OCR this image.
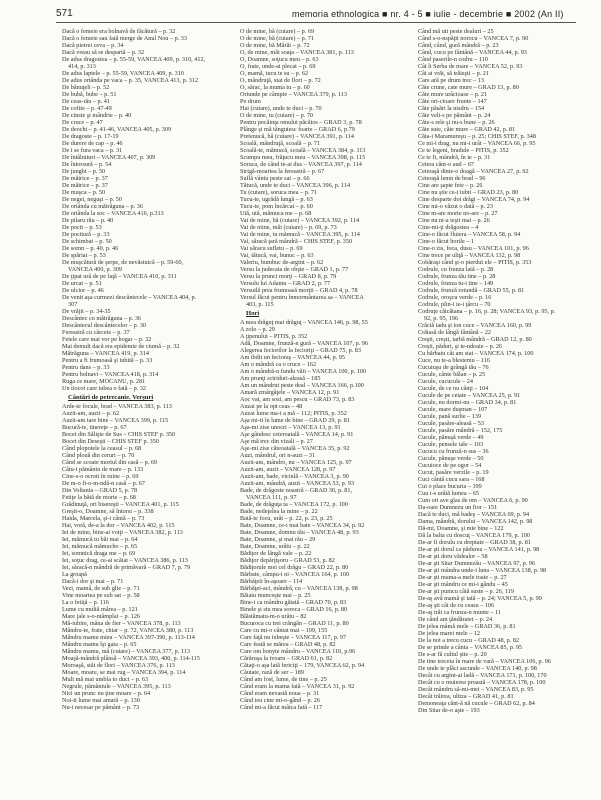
571	memoria ethnologica ■ nr. 4 - 5 ■ iulie - decembrie ■ 2002 (An II)
Dacă o femeie era bolnavă de făcătură – p. 32
Dacă o femeie sau fată merge de Anul Nou – p. 33
Dacă pietrei ceva – p. 34
Dacă vreau să se despartă – p. 32
De adus dragostea – p. 55-59, VANCEA 409, p. 310, 412,
414, p. 313
De adus laptele – p. 55-59, VANCEA 409, p. 310
De adus ortânda pe vaca – p. 35, VANCEA 413, p. 312
De bănuţeli – p. 52
De bubă, bube – p. 51
De ceas-rău – p. 41
De cofite – p. 47-49
De cinste şi mândrie – p. 40
De cruce – p. 47
De deochi – p. 41-46, VANCEA 405, p. 309
De dragoste – p. 17-19
De durere de cap – p. 46
De i se fura vaca – p. 31
De întâlnituri – VANCEA 407, p. 309
De întorsură – p. 54
De junghi – p. 50
De mătrice – p. 37
De mătrice – p. 37
De muşca – p. 50
De negei, neguşi – p. 50
De ortânda cu mătrăguna – p. 36
De ortânda la soc – VANCEA 416, p.313
De pilaru rău – p. 40
De pocit – p. 53
De pocitură – p. 33
De schimbat – p. 50
De somn – p. 40, p. 46
De spăriat – p. 53
De muşcătură de şerpe, de nevăstuică – p. 59-60,
VANCEA 400, p. 309
De ţipat urâ de pe faţă – VANCEA 410, p. 311
De urcat – p. 51
De ulcior – p. 46
De venit aşa curmezi descântecele – VANCEA 404, p.
307
De vrăjit – p. 34-35
Descântec cu mătrăguna – p. 36
Descântecul descântecelor – p. 30
Fereastră cu cârceie – p. 37
Fetele care mai vor pe hogar – p. 32
Mai demult dacă era epidemie de ciumă – p. 32
Mătrăguna – VANCEA 419, p. 314
Pentru a fi frumoasă şi iubită – p. 33
Pentru dans – p. 33
Pentru bolnavi – VANCEA 418, p. 314
Ruga ce mare, MOCANU, p. 281
Un tiocot care iubea o fată – p. 32
Cântări de petrecanie. Verşuri
Arde-te focule, brad – VANCEA 383, p. 113
Auzit-am, auzit – p. 62
Auzit-am tare bine – VANCEA 399, p. 115
Bucură-te, tinereţe – p. 67
Bocet din Sălişte de Sus – CHIS STEF p. 350
Bocet din Deseşti – CHIS STEF p. 350
Când plopotele la ceasul – p. 68
Când plouă din ceruri – p. 70
Când se scoate mortul din casă – p. 69
Câtu-i pământu de mare – p. 133
Cine-s-o ocroti în ruine – p. 69
De m-o fi-o-m-ndă-n casă – p. 67
Din Voltania – GRAD 5, p. 78
Fetiţe la bătă de morte – p. 68
Grădinuţă, ori bisereşti – VANCEA 401, p. 115
Greşit-o, Doamne, să întorsi – p. 338
Haida, Marcela, şi-i cântă – p. 73
Hai, voră, de-a la dor – VANCEA 402, p. 115
Iei de mine, bine-ai voiţi – VANCEA 382, p. 113
Iei, mămucă tu băi mai – p. 64
Iei, mămucă mămucho – p. 65
Iei, somnică draga me – p. 69
Iei, soţuc drag, ce-ai scăiat – VANCEA 386, p. 113
Iei, săracă-n mândră de primăvară – GRAD 7, p. 79
La groapă
Dacă-i dor şi mai – p. 71
Vezi, mamă, de sub glie – p. 71
Vine moartea pe sub sat – p. 58
La o fetiţă – p. 116
Lume cu multă mărea – p. 121
Mare jale s-o-ntâmplat – p. 126
Mă-iubire, mâna de fier – VANCEA 378, p. 113
Mândru-te, frate, chiar – p. 72, VANCEA 380, p. 113
Mândru mamu mieu – VANCEA 397-390, p. 113-114
Mândru mamu îşi gata – p. 65
Mândru mamu, mă (cutare) – VANCEA 377, p. 113
Moaşă-mândră plânsă – VANCEA 393, 400, p. 114-115
Moroaşă, stăt de flori – VANCEA 376, p. 113
Moare, moare, se mai rug – VANCEA 394, p. 114
Mult mă mai umbla to duci – p. 63
Negrule, pământule – VANCEA 395, p. 113
Nici un prunc nu ţine moare – p. 64
Noi-ti lume mai amară – p. 130
Nu-i necesar pe pământ – p. 73
O de mine, bă (cutare) – p. 69
O de mine, bă (cutare) – p. 71
O de mine, bă Mărăi – p. 72
O, de mine, măi soaţa – VANCEA 381, p. 113
O, Doamne, soţucu meu – p. 63
O, frate, unde-ai plecat – p. 69
O, mamă, tucu te su – p. 62
O, mândruţă, stat de flori – p. 72
O, sărac, la munta tu – p. 60
Oriunde pe câmpie – VANCEA 379, p. 113
Pe drum
Hai (cutare), unde te duci – p. 70
O de mine, tu (cutare) – p. 70
Pentru pocăinţa omului păcătos – GRAD 3, p. 78
Plânge şi mă tânguiesc foarte – GRAD 6, p.79
Pretenucă, bă (cutare) – VANCEA 391, p. 114
Scoală, mândruţă, scoală – p. 71
Scoală-te, mămucă, scoală – VANCEA 384, p. 113
Scumpu meu, frăţucu meu – VANCEA 398, p. 115
Soruca, de când te-ai dus – VANCEA 397, p. 114
Strigă-moartea la fereastră – p. 67
Suflă vântu peste sat – p. 66
Tătucă, unde te duci – VANCEA 396, p. 114
Tu (cutare), soruca mea – p. 71
Tucu-te, ugrădă lungă – p. 63
Tucu-te, pom încărcat – p. 60
Ută, ută, mămuca me – p. 68
Vai de mine, bă (cutare) – VANCEA 392, p. 114
Vai de mine, măi (cutare) – p. 69, p. 73
Vai de mine, tu mămucă – VANCEA 395, p. 114
Vai, săracă ţară mândră – CHIS STEF, p. 350
Vai săracu sufletu – p. 69
Vai, tătucă, vai, bunuc – p. 63
Valeriu, bumbuc de-argint – p. 62
Versu la judecata de obşte – GRAD 1, p. 77
Versu la prunci morţi – GRAD 8, p. 79
Versulu lui Adamu – GRAD 2, p. 77
Versuilă prea frumoasă morţii – GRAD 4, p. 78
Versul făcut pentru înmormântarea sa – VANCEA
403, p. 115
Hori
A mea drăguţ mai drăguţ – VANCEA 146, p. 98, 55
A zolo – p. 29
A ţipenului – PITIS, p. 352
Adă, Doamne, frunză-n gură – VANCEA 107, p. 96
Alegerea feciorilor la fecioriţi – GRAD 75, p. 83
Am ibdit un fecioraş – VANCEA 44, p. 95
Am o mândră ca o cruce – 162
Am o mândră-n fundu văii – VANCEA 100, p. 100
Am prunţi sciriduri-aleasă – 185
Am un mândrut peste deal – VANCEA 166, p.100
Amară zmârgăţele – VANCEA 12, p. 91
Aoc vai, am sosi, am pescu – GRAD 73, p. 83
Auzai pe la opt ceas – 48
Auzai lume ma-i a mă – 112; PITIS, p. 352
Aşa mi-ti în lume de bine – GRAD 29, p. 81
Aşa-mi zise unocri – VANCEA 13, p. 91
Aşe gândesc ceteroatală – VANCEA 14, p. 91
Aşe mă trec din vizali – p. 27
Aşe-mi zise căteoatală – VANCEA 35, p. 92
Auzi, mândrul, ori n-auzi – 31
Auzit-am, mândro, nu – VANCEA 125, p. 97
Auzit-am, auzit – VANCEA 128, p. 97
Auzit-am, bade, vicinlă – VANCEA 3, p. 90
Auzit-am, mândră, auzit – VANCEA 53, p. 93
Bade, de drăgoste noastră – GRAD 30, p. 81,
VANCEA 111, p. 97
Bade, de drăguţa ta – VANCEA 172, p. 100
Bade, nedeţelea la mine – p. 22
Bată-te focu, urât – p. 22, p. 23, p. 25
Bate, Doamne, ce-i mai bate – VANCEA 34, p. 92
Bate, Doamne, domnu tău – VANCEA 48, p. 93
Bate, Doamne, şi mai rău – 29
Bate, Doamne, urâtu – p. 22
Bădiţor de lângă vale – p. 22
Bădiţor depărţişoru – GRAD 53, p. 82
Bădiţorule mei cel drăgu – GRAD 22, p. 80
Bărbate, câmpu-i ni – VANCEA 164, p. 100
Bărbăţeii în-aşoare – 114
Bărbăţei-aci, mândră, cu – VANCEA 138, p. 98
Băiatu munceşte mai – p. 25
Bine-i ca mândru gătată – GRAD 70, p. 83
Binele şi stu mea soroca – GRAD 16, p. 80
Blăstămatu-m-o urâtu – 82
Bucuroca cu trei crăngăn – GRAD 11, p. 80
Care cu mi-o cântat mai – 109, 155
Care faţă nu iubeşte – VANCEA 117, p. 97
Care feată se mărea – GRAD 48, p. 82
Care om bonyte mândru – VANCEA 110, p.96
Cărăruşa la ivoaru – GRAD 61, p. 82
Cătaţi-o aşa lată fericiţi – 179, VANCEA 62, p. 94
Căutate, rază de ser – 189
Când am fost, lume, de tine – p. 25
Când eram la mama fată – VANCEA 31, p. 92
Când eram nevastă noua – p. 31
Când ieu cine mi-o-gând – p. 26
Când mi-a făcut mâica fată – 117
Când mă uit peste dealuri – 25
Când s-o-nspăţit norocu – VANCEA 7, p. 90
Când, când, gură mândră – p. 23
Când, cucu pe fântână – VANCEA 44, p. 93
Când paserile-n codru – 110
Cât îi Serba de mare – VANCEA 52, p. 93
Cât ai vrăi, să trăieşti – p. 21
Care ară pe drum trec – 13
Căte crune, cate mure – GRAD 13, p. 80
Căte mure urâcioase – p. 21
Căte ori-cioare frunte – 147
Căte păsări la nisdru – 154
Căte veli-s pe pământ – p. 24
Căte-s rele şi nu-s bune – p. 26
Căte sute, căte mure – GRAD 42, p. 81
Căta-i Maramureşu – p. 25; CHIS STEF, p. 348
Ce mi-i drag, nu mi-i urât – VANCEA 66, p. 95
Ce te legeni, bradule – PITIS, p. 352
Ce te fi, mândră, în ie – p. 31
Cetera cânt-o aud – 67
Ceteraşă dinte-o doagă – VANCEA 27, p. 92
Ceteraşă lemn de brad – 96
Cine are şapte fete – p. 26
Cine nu ştie ce-i iubit – GRAD 23, p. 80
Cine desparte doi drăgi – VANCEA 74, p. 94
Cine mi-o văzut o dată – p. 23
Cine m-are morte no-are – p. 27
Cine nu ni-a ieşit mai – p. 26
Cine-mi-ţi drăgostea – 4
Cine-o făcut fluiera – VANCEA 58, p. 94
Cine-o făcut horile – 1
Cine-o zis, foca, dusu – VANCEA 101, p. 96
Cine trece pe uliţă – VANCEA 132, p. 98
Cobăraşi când şi-o pierdut ele – PITIS, p. 353
Codrule, cu frunza lată – p. 28
Codrule, frunza tău tine – p. 28
Codrule, frunza tu-i tine – 149
Codrule, frunză rotundă – GRAD 55, p. 81
Codrule, oroşcu verde – p. 16
Codrule, plin-i ie-i ţârcu – 70
Codruţe cătcătana – p. 16, p. 28; VANCEA 93, p. 95, p.
92, p. 95, 196
Crăciă iadu şi ion cuce – VANCEA 160, p. 99
Crăiasă de lângă fântână – 22
Creşti, creşti, iarbă mândră – GRAD 12, p. 80
Creşti, păduri, şi te-ndoaie – p. 26
Cu bărbatu cât am stat – VANCEA 174, p. 100
Cuce, nu te-a blestemu – 116
Cucuiuşu de grângă tău – 76
Cucule, cânte bălan – p. 25
Cucule, cucucule – 24
Cucule, de ce nu cânţi – 104
Cucule de pe cetate – VANCEA 25, p. 91
Cucule, nu dormi-nu – GRAD 34, p. 81
Cucule, mare duşman – 107
Cucule, pană surlie – 139
Cucule, pasăre-aleasă – 53
Cucule, pasăre mândră – 152, 175
Cucule, pănuşă verde – 49
Cucule, pensele tale – 103
Cucucu cu frunză-n sus – 36
Cucule, pănuşe verde – 50
Cucuioce de pe ogor – 54
Cucut, pasăre verzile – p. 19
Cuci cântă cucu sara – 168
Cui o place bucuria – 199
Cuu i-s urâtă lumea – 65
Cum ori ave glas de om – VANCEA 6, p. 90
Da-oare Dumnezu un fior – 151
Dacă te duci, mă badeş – VANCEA 69, p. 94
Dama, mândră, dorului – VANCEA 142, p. 98
Dă-mi, Doamne, şi mie bine – 122
Dă la balta cu doscuţ – VANCEA 179, p. 100
De-ar fi dorulu cu dreptate – GRAD 38, p. 81
De-ar şti dorul ca pădurea – VANCEA 141, p. 98
De-ar şti doru vădealor – 58
De-ar şti Sitar Dumnezău – VANCEA 97, p. 96
De-ar şti mândra unde-i luna – VANCEA 138, p. 98
De-ar şti mama-a mele toate – p. 27
De-ar şti mândru ce mi-i gându – 45
De-ar şti pumcu câtă suste – p. 26, 119
De-aş avă mamă şi tată – p. 24; VANCEA 5, p. 90
De-aş şti cât de cu ceasu – 106
De-aş trăi ca frunza-n munte – 11
De când am ţăndăraiet – p. 24
De jelea mâmă mele – GRAD 36, p. 81
De jelea marei mele – 12
De la noi a trecu cucu – GRAD 48, p. 82
De se prinde a cânta – VANCEA 85, p. 95
De s-ar fă cultul ştie – p. 20
De tine treceta în mare de vară – VANCEA 106, p. 96
De unde te plăci ascunde – VANCEA 140, p. 98
Decât cu argint-ai ladă – VANCEA 171, p. 100, 170
Decât cu o muierea proastă – VANCEA 178, p. 100
Decât mândru să-mi-mei – VANCEA 83, p. 95
Decât trăirea, ulitza – GRAD 41, p. 81
Demoneaţa cânt-ă nă cucule – GRAD 62, p. 84
Din Sitar de-o aşte – 193
